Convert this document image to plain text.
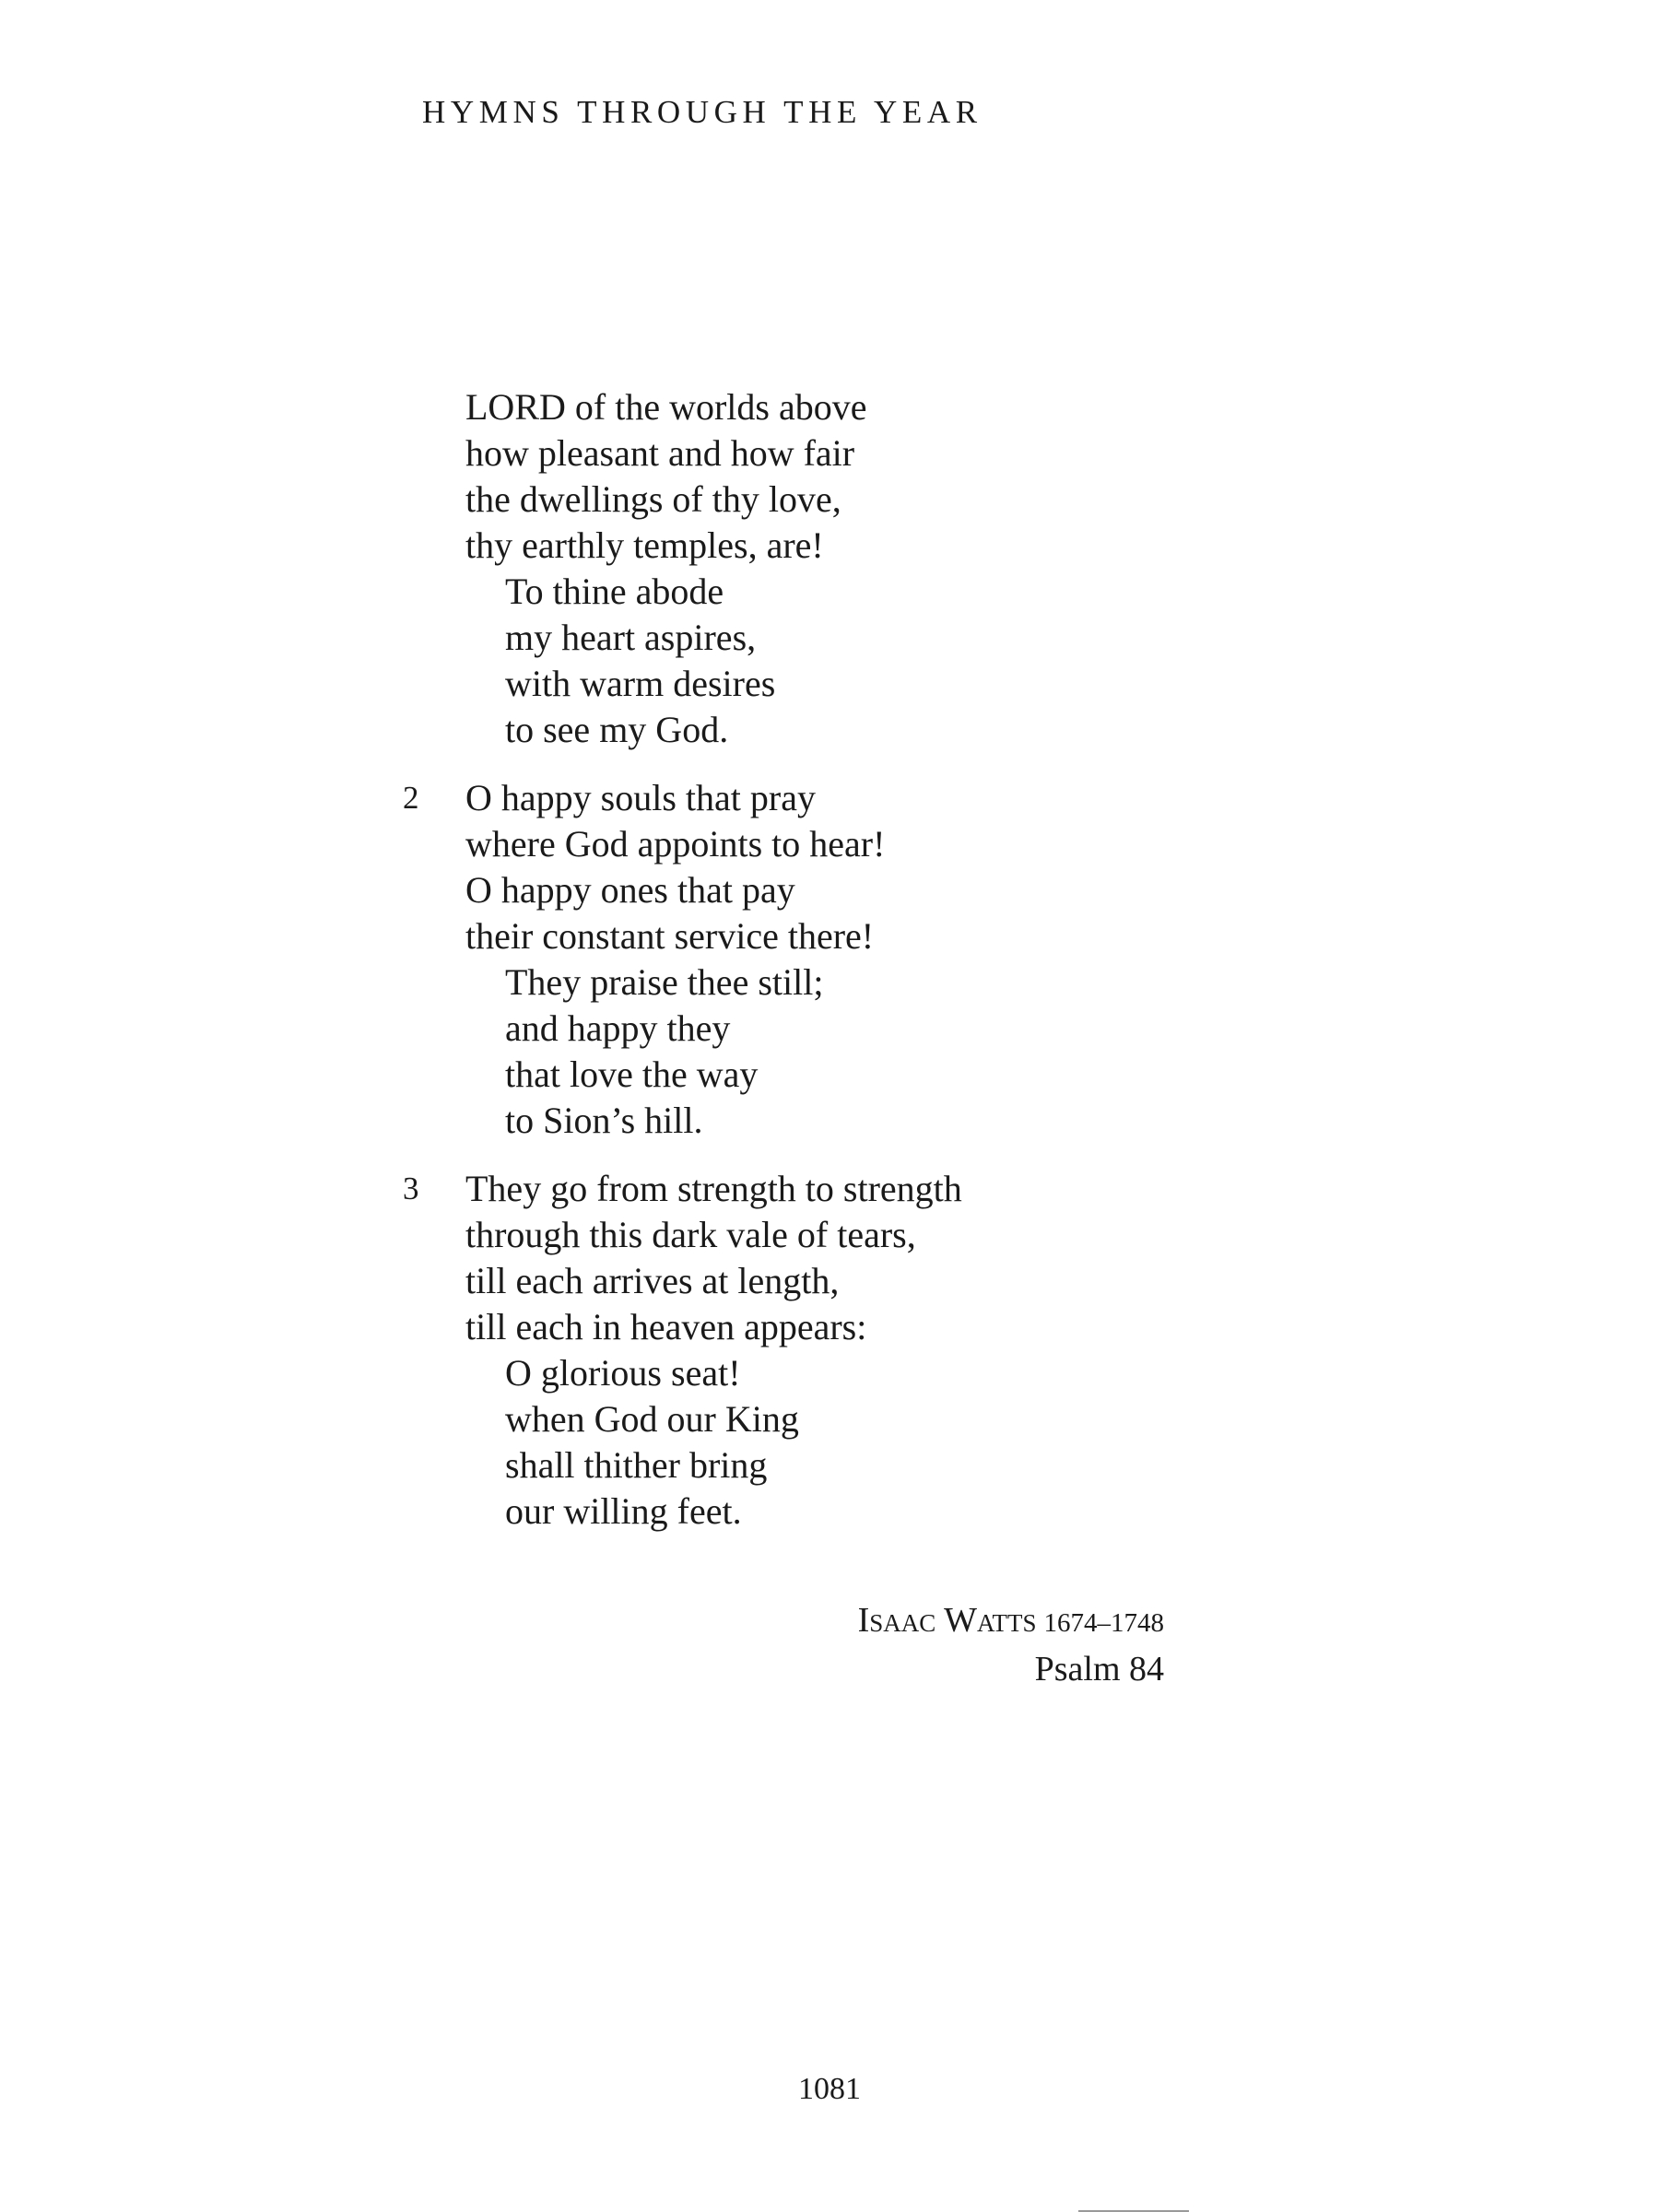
HYMNS THROUGH THE YEAR
LORD of the worlds above
how pleasant and how fair
the dwellings of thy love,
thy earthly temples, are!
To thine abode
my heart aspires,
with warm desires
to see my God.
2	O happy souls that pray
where God appoints to hear!
O happy ones that pay
their constant service there!
They praise thee still;
and happy they
that love the way
to Sion’s hill.
3	They go from strength to strength
through this dark vale of tears,
till each arrives at length,
till each in heaven appears:
O glorious seat!
when God our King
shall thither bring
our willing feet.
Isaac Watts 1674–1748
Psalm 84
1081
